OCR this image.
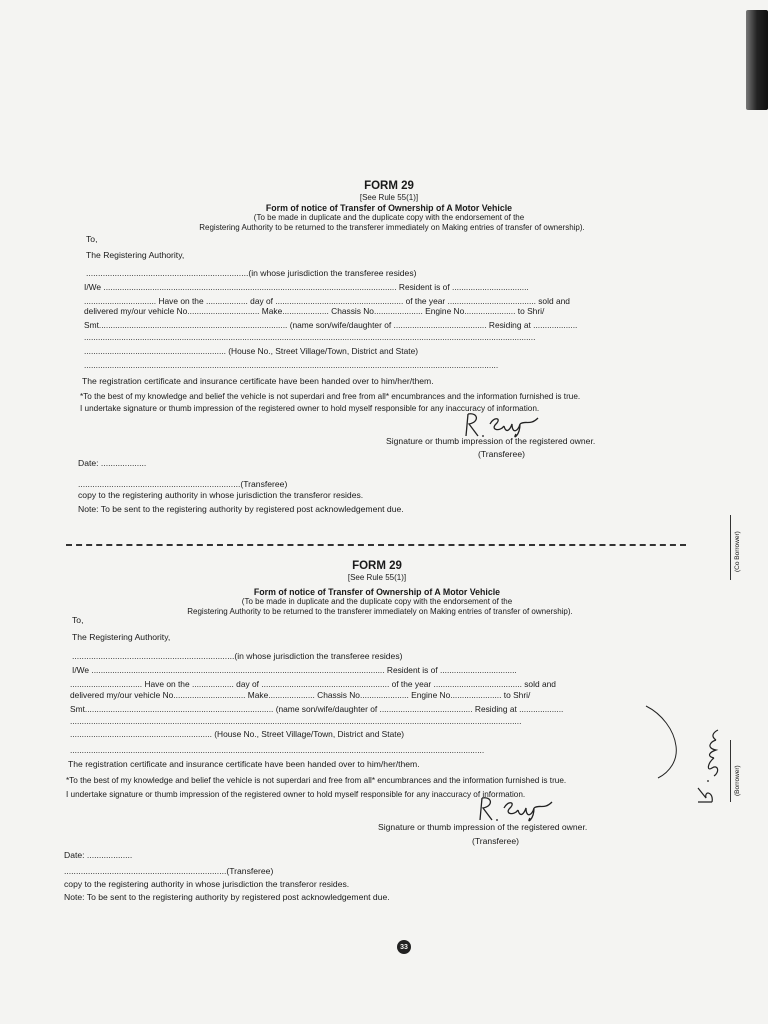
FORM 29
[See Rule 55(1)]
Form of notice of Transfer of Ownership of A Motor Vehicle
(To be made in duplicate and the duplicate copy with the endorsement of the
Registering Authority to be returned to the transferer immediately on Making entries of transfer of ownership).
To,
The Registering Authority,
....................................................................(in whose jurisdiction the transferee resides)
I/We .............................................................................................................................. Resident is of .................................
............................... Have on the .................. day of ....................................................... of the year ...................................... sold and
delivered my/our vehicle No............................... Make.................... Chassis No..................... Engine No...................... to Shri/
Smt................................................................................. (name son/wife/daughter of ........................................ Residing at ...................
..................................................................................................................................................................................................
............................................................. (House No., Street Village/Town, District and State)
..................................................................................................................................................................................
The registration certificate and insurance certificate have been handed over to him/her/them.
*To the best of my knowledge and belief the vehicle is not superdari and free from all* encumbrances and the information furnished is true.
I undertake signature or thumb impression of the registered owner to hold myself responsible for any inaccuracy of information.
Signature or thumb impression of the registered owner.
(Transferee)
Date: ...................
....................................................................(Transferee)
copy to the registering authority in whose jurisdiction the transferor resides.
Note: To be sent to the registering authority by registered post acknowledgement due.
FORM 29
[See Rule 55(1)]
Form of notice of Transfer of Ownership of A Motor Vehicle
(To be made in duplicate and the duplicate copy with the endorsement of the
Registering Authority to be returned to the transferer immediately on Making entries of transfer of ownership).
To,
The Registering Authority,
....................................................................(in whose jurisdiction the transferee resides)
I/We .............................................................................................................................. Resident is of .................................
............................... Have on the .................. day of ....................................................... of the year ...................................... sold and
delivered my/our vehicle No............................... Make.................... Chassis No..................... Engine No...................... to Shri/
Smt................................................................................. (name son/wife/daughter of ........................................ Residing at ...................
..................................................................................................................................................................................................
............................................................. (House No., Street Village/Town, District and State)
..................................................................................................................................................................................
The registration certificate and insurance certificate have been handed over to him/her/them.
*To the best of my knowledge and belief the vehicle is not superdari and free from all* encumbrances and the information furnished is true.
I undertake signature or thumb impression of the registered owner to hold myself responsible for any inaccuracy of information.
Signature or thumb impression of the registered owner.
(Transferee)
Date: ...................
....................................................................(Transferee)
copy to the registering authority in whose jurisdiction the transferor resides.
Note: To be sent to the registering authority by registered post acknowledgement due.
(Co Borrower)
(Borrower)
33
